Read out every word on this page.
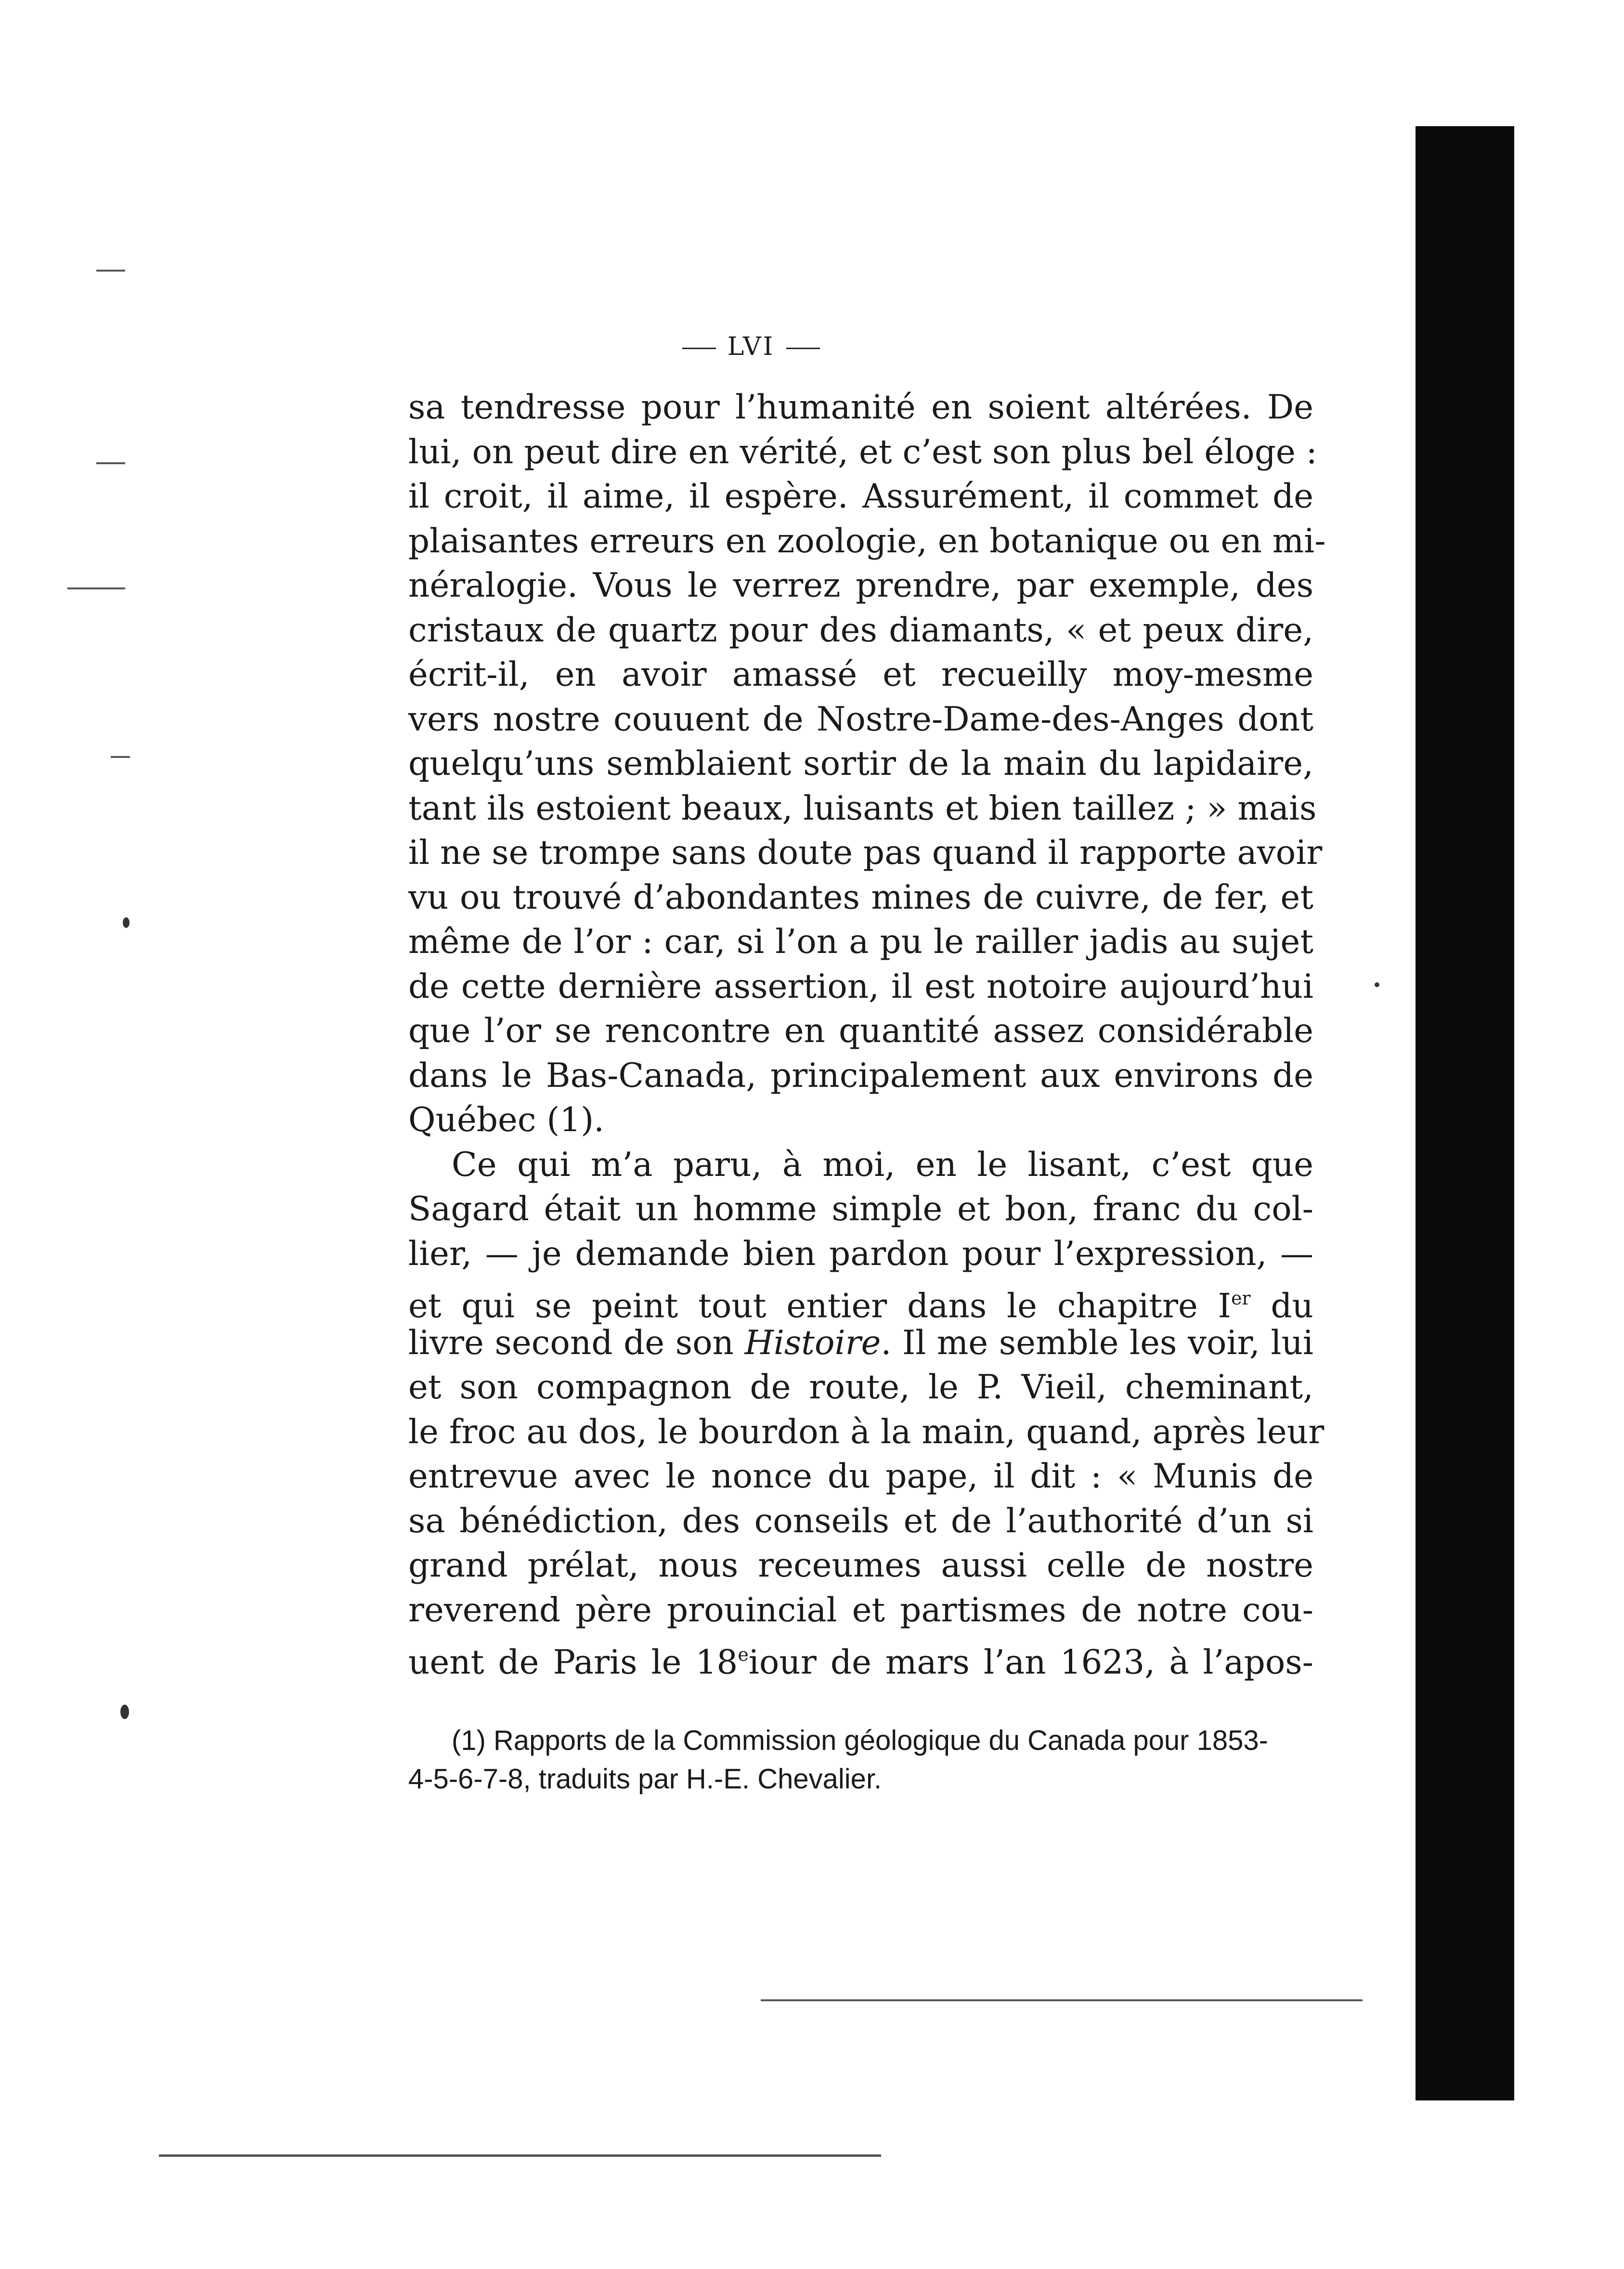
LVI
sa tendresse pour l’humanité en soient altérées. De
lui, on peut dire en vérité, et c’est son plus bel éloge :
il croit, il aime, il espère. Assurément, il commet de
plaisantes erreurs en zoologie, en botanique ou en mi-
néralogie. Vous le verrez prendre, par exemple, des
cristaux de quartz pour des diamants, « et peux dire,
écrit-il, en avoir amassé et recueilly moy-mesme
vers nostre couuent de Nostre-Dame-des-Anges dont
quelqu’uns semblaient sortir de la main du lapidaire,
tant ils estoient beaux, luisants et bien taillez ; » mais
il ne se trompe sans doute pas quand il rapporte avoir
vu ou trouvé d’abondantes mines de cuivre, de fer, et
même de l’or : car, si l’on a pu le railler jadis au sujet
de cette dernière assertion, il est notoire aujourd’hui
que l’or se rencontre en quantité assez considérable
dans le Bas-Canada, principalement aux environs de
Québec (1).
Ce qui m’a paru, à moi, en le lisant, c’est que
Sagard était un homme simple et bon, franc du col-
lier, — je demande bien pardon pour l’expression, —
et qui se peint tout entier dans le chapitre Ier du
livre second de son Histoire. Il me semble les voir, lui
et son compagnon de route, le P. Vieil, cheminant,
le froc au dos, le bourdon à la main, quand, après leur
entrevue avec le nonce du pape, il dit : « Munis de
sa bénédiction, des conseils et de l’authorité d’un si
grand prélat, nous receumes aussi celle de nostre
reverend père prouincial et partismes de notre cou-
uent de Paris le 18eiour de mars l’an 1623, à l’apos-
(1) Rapports de la Commission géologique du Canada pour 1853-
4-5-6-7-8, traduits par H.-E. Chevalier.
